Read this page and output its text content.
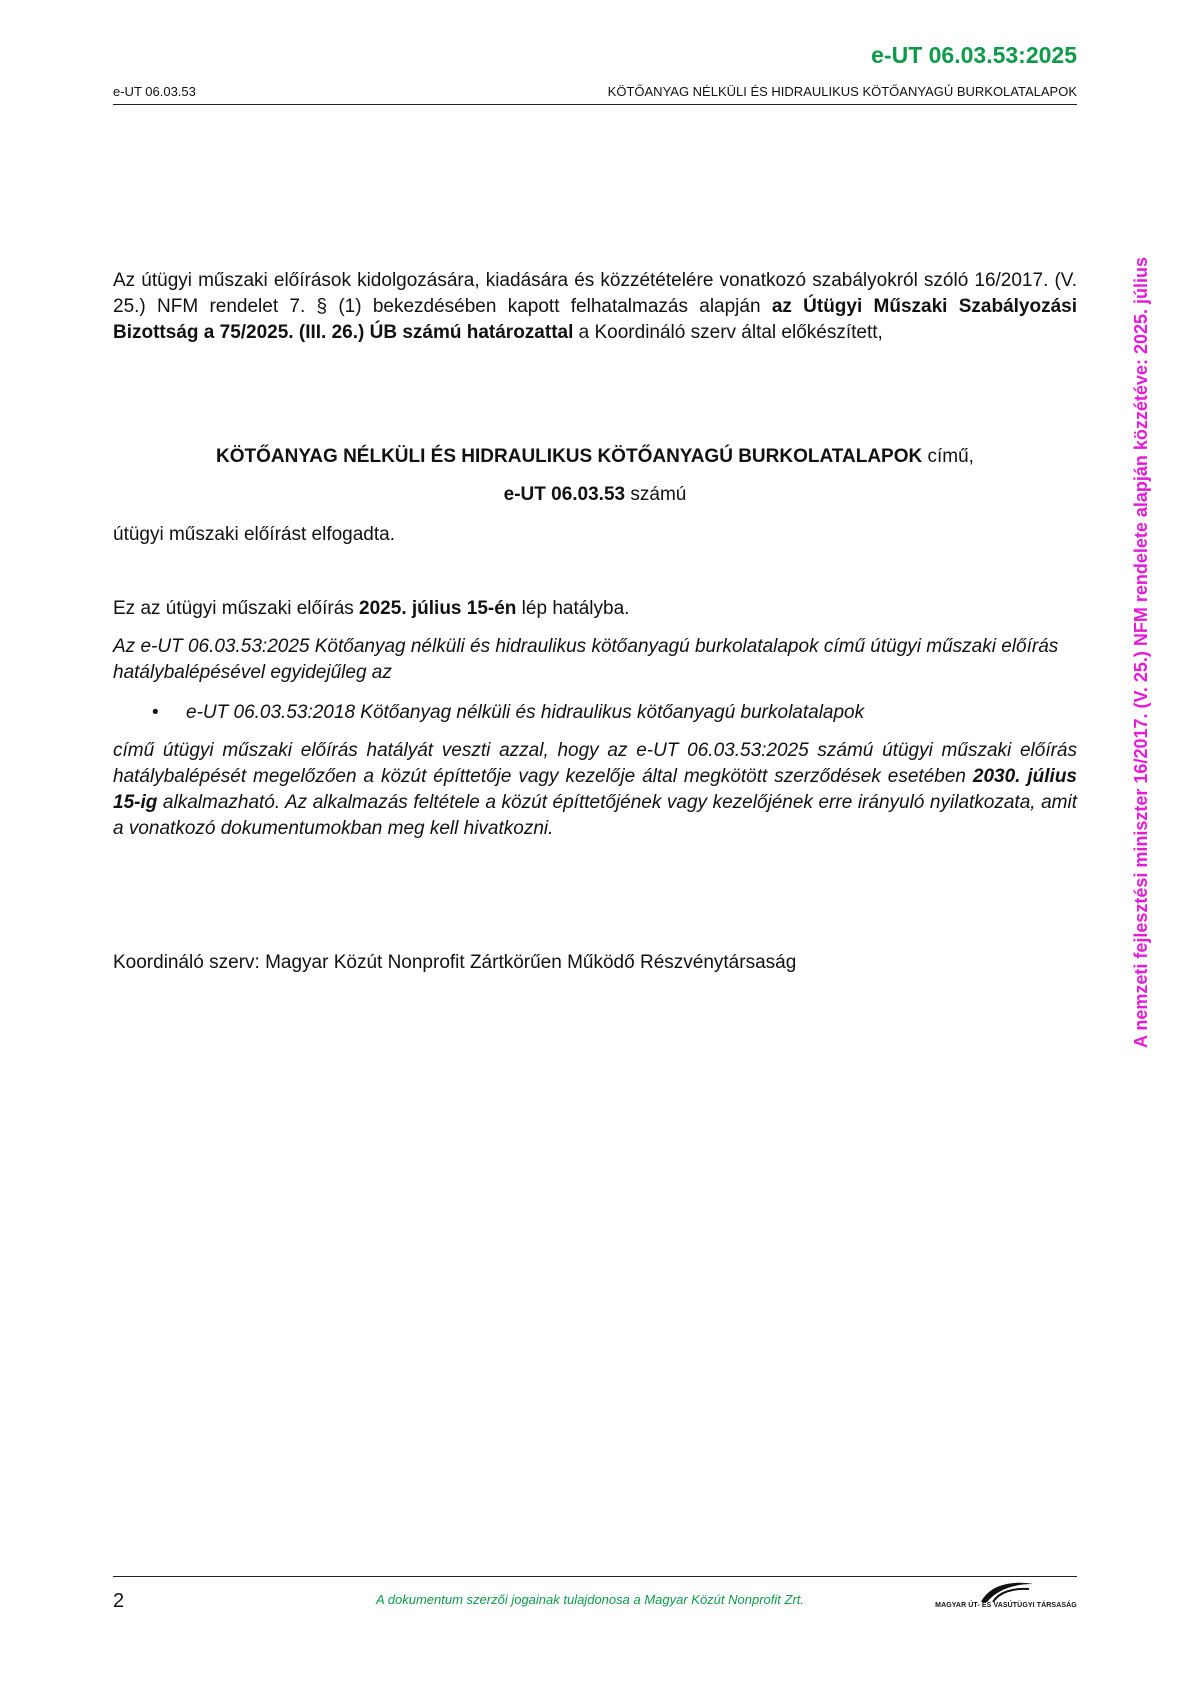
e-UT 06.03.53:2025
e-UT 06.03.53	KÖTŐANYAG NÉLKÜLI ÉS HIDRAULIKUS KÖTŐANYAGÚ BURKOLATALAPOK
A nemzeti fejlesztési miniszter 16/2017. (V. 25.) NFM rendelete alapján közzétéve: 2025. július
Az útügyi műszaki előírások kidolgozására, kiadására és közzétételére vonatkozó szabályokról szóló 16/2017. (V. 25.) NFM rendelet 7. § (1) bekezdésében kapott felhatalmazás alapján az Útügyi Műszaki Szabályozási Bizottság a 75/2025. (III. 26.) ÚB számú határozattal a Koordináló szerv által előkészített,
KÖTŐANYAG NÉLKÜLI ÉS HIDRAULIKUS KÖTŐANYAGÚ BURKOLATALAPOK című,
e-UT 06.03.53 számú
útügyi műszaki előírást elfogadta.
Ez az útügyi műszaki előírás 2025. július 15-én lép hatályba.
Az e-UT 06.03.53:2025 Kötőanyag nélküli és hidraulikus kötőanyagú burkolatalapok című útügyi műszaki előírás hatálybalépésével egyidejűleg az
• e-UT 06.03.53:2018 Kötőanyag nélküli és hidraulikus kötőanyagú burkolatalapok
című útügyi műszaki előírás hatályát veszti azzal, hogy az e-UT 06.03.53:2025 számú útügyi műszaki előírás hatálybalépését megelőzően a közút építtetője vagy kezelője által megkötött szerződések esetében 2030. július 15-ig alkalmazható. Az alkalmazás feltétele a közút építtetőjének vagy kezelőjének erre irányuló nyilatkozata, amit a vonatkozó dokumentumokban meg kell hivatkozni.
Koordináló szerv: Magyar Közút Nonprofit Zártkörűen Működő Részvénytársaság
2	A dokumentum szerzői jogainak tulajdonosa a Magyar Közút Nonprofit Zrt.	MAGYAR ÚT- ÉS VASÚTÜGYI TÁRSASÁG
